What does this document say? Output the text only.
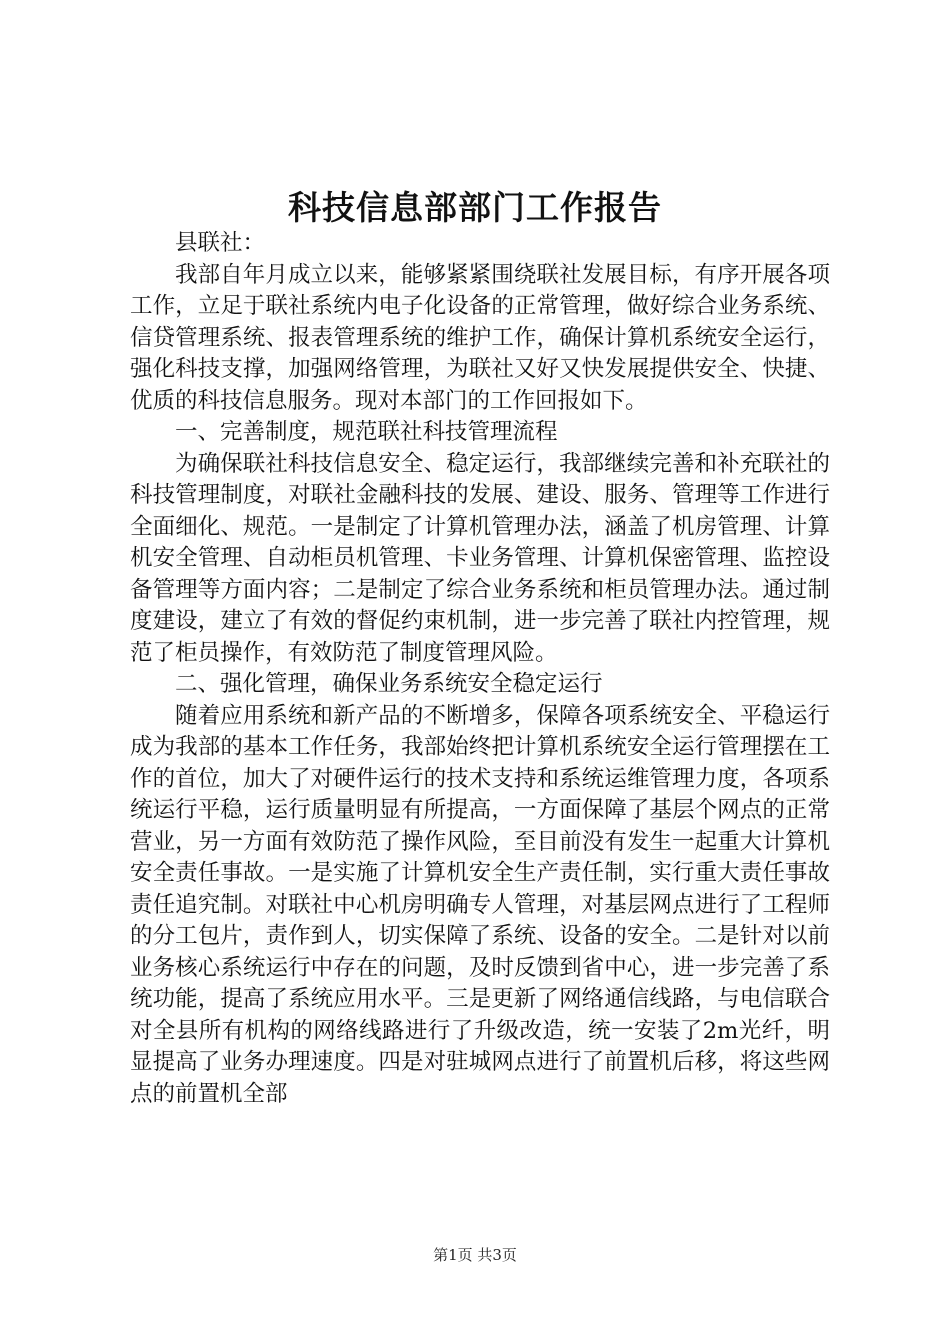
科技信息部部门工作报告

县联社：

我部自年月成立以来，能够紧紧围绕联社发展目标，有序开展各项工作，立足于联社系统内电子化设备的正常管理，做好综合业务系统、信贷管理系统、报表管理系统的维护工作，确保计算机系统安全运行，强化科技支撑，加强网络管理，为联社又好又快发展提供安全、快捷、优质的科技信息服务。现对本部门的工作回报如下。

一、完善制度，规范联社科技管理流程

为确保联社科技信息安全、稳定运行，我部继续完善和补充联社的科技管理制度，对联社金融科技的发展、建设、服务、管理等工作进行全面细化、规范。一是制定了计算机管理办法，涵盖了机房管理、计算机安全管理、自动柜员机管理、卡业务管理、计算机保密管理、监控设备管理等方面内容；二是制定了综合业务系统和柜员管理办法。通过制度建设，建立了有效的督促约束机制，进一步完善了联社内控管理，规范了柜员操作，有效防范了制度管理风险。

二、强化管理，确保业务系统安全稳定运行

随着应用系统和新产品的不断增多，保障各项系统安全、平稳运行成为我部的基本工作任务，我部始终把计算机系统安全运行管理摆在工作的首位，加大了对硬件运行的技术支持和系统运维管理力度，各项系统运行平稳，运行质量明显有所提高，一方面保障了基层个网点的正常营业，另一方面有效防范了操作风险，至目前没有发生一起重大计算机安全责任事故。一是实施了计算机安全生产责任制，实行重大责任事故责任追究制。对联社中心机房明确专人管理，对基层网点进行了工程师的分工包片，责作到人，切实保障了系统、设备的安全。二是针对以前业务核心系统运行中存在的问题，及时反馈到省中心，进一步完善了系统功能，提高了系统应用水平。三是更新了网络通信线路，与电信联合对全县所有机构的网络线路进行了升级改造，统一安装了2m光纤，明显提高了业务办理速度。四是对驻城网点进行了前置机后移，将这些网点的前置机全部

第1页 共3页
